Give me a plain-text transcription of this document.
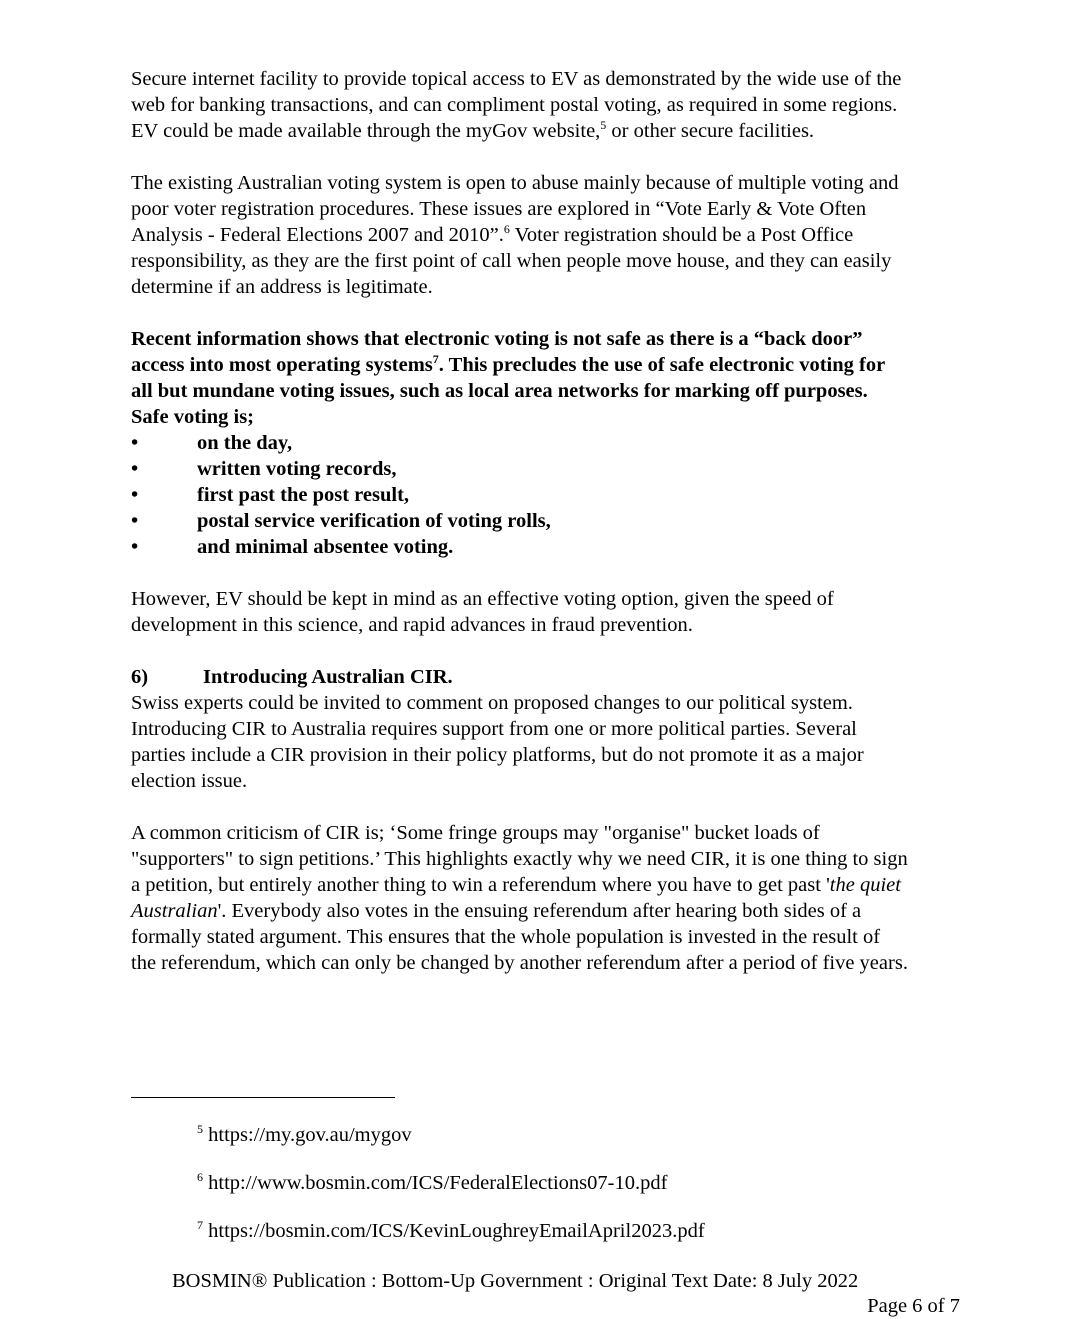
Secure internet facility to provide topical access to EV as demonstrated by the wide use of the
web for banking transactions, and can compliment postal voting, as required in some regions.
EV could be made available through the myGov website,$^5$ or other secure facilities.
The existing Australian voting system is open to abuse mainly because of multiple voting and
poor voter registration procedures. These issues are explored in “Vote Early & Vote Often
Analysis - Federal Elections 2007 and 2010”.$^6$ Voter registration should be a Post Office
responsibility, as they are the first point of call when people move house, and they can easily
determine if an address is legitimate.
Recent information shows that electronic voting is not safe as there is a “back door”
access into most operating systems$^7$. This precludes the use of safe electronic voting for
all but mundane voting issues, such as local area networks for marking off purposes.
Safe voting is;
•	on the day,
•	written voting records,
•	first past the post result,
•	postal service verification of voting rolls,
•	and minimal absentee voting.
However, EV should be kept in mind as an effective voting option, given the speed of
development in this science, and rapid advances in fraud prevention.
6)	Introducing Australian CIR.
Swiss experts could be invited to comment on proposed changes to our political system.
Introducing CIR to Australia requires support from one or more political parties. Several
parties include a CIR provision in their policy platforms, but do not promote it as a major
election issue.
A common criticism of CIR is; ‘Some fringe groups may "organise" bucket loads of
"supporters" to sign petitions.’ This highlights exactly why we need CIR, it is one thing to sign
a petition, but entirely another thing to win a referendum where you have to get past 'the quiet
Australian'. Everybody also votes in the ensuing referendum after hearing both sides of a
formally stated argument. This ensures that the whole population is invested in the result of
the referendum, which can only be changed by another referendum after a period of five years.
$^5$ https://my.gov.au/mygov
$^6$ http://www.bosmin.com/ICS/FederalElections07-10.pdf
$^7$ https://bosmin.com/ICS/KevinLoughreyEmailApril2023.pdf
BOSMIN® Publication : Bottom-Up Government : Original Text Date: 8 July 2022
Page 6 of 7
